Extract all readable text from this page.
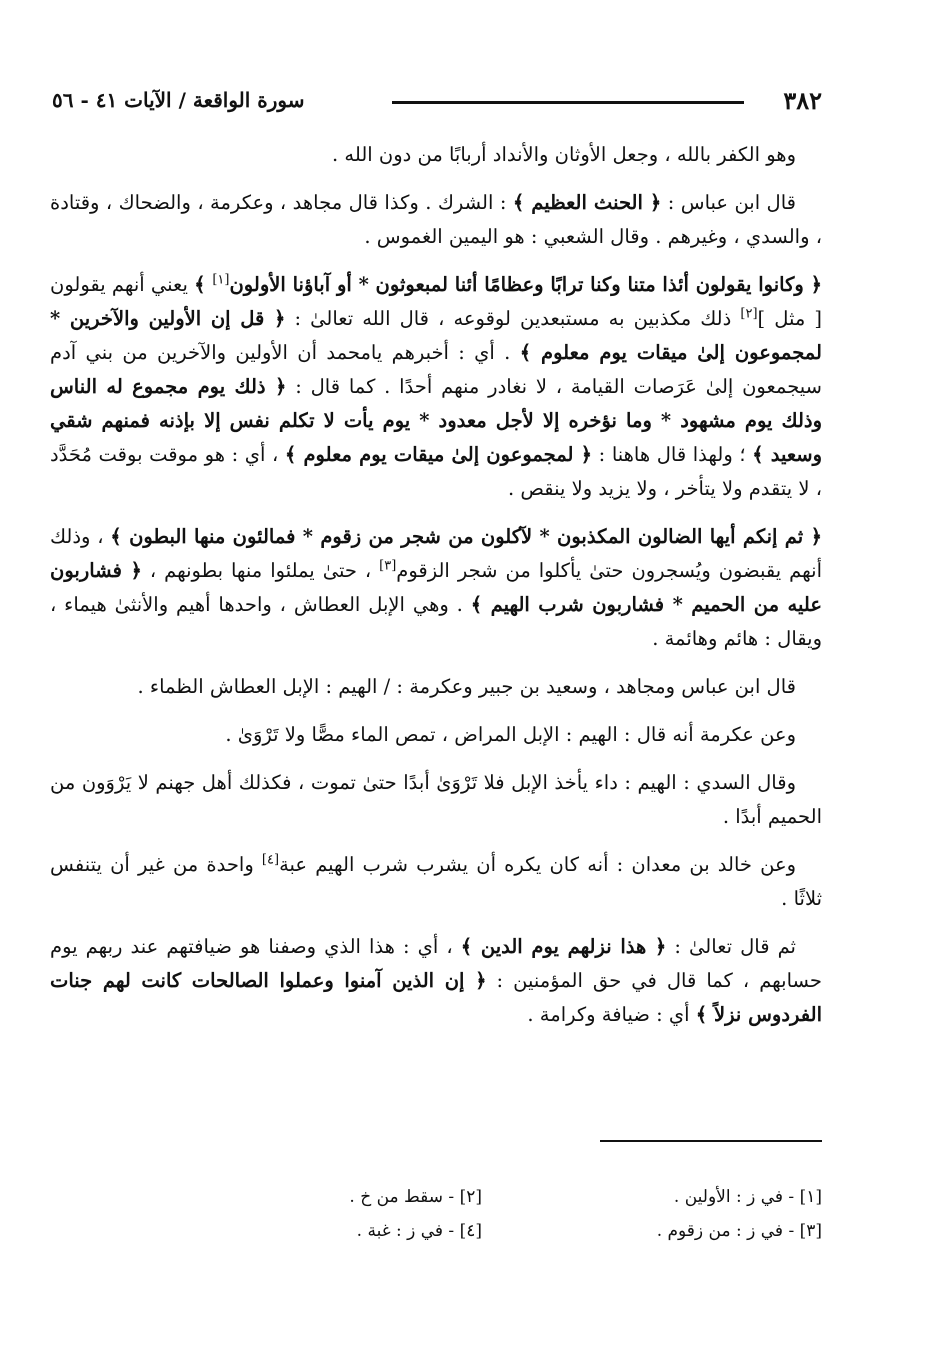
٣٨٢
سورة الواقعة / الآيات ٤١ - ٥٦

وهو الكفر بالله ، وجعل الأوثان والأنداد أربابًا من دون الله .

قال ابن عباس : ﴿ الحنث العظيم ﴾ : الشرك . وكذا قال مجاهد ، وعكرمة ، والضحاك ، وقتادة ، والسدي ، وغيرهم . وقال الشعبي : هو اليمين الغموس .

﴿ وكانوا يقولون أئذا متنا وكنا ترابًا وعظامًا أئنا لمبعوثون * أو آباؤنا الأولون[١] ﴾ يعني أنهم يقولون [ مثل ][٢] ذلك مكذبين به مستبعدين لوقوعه ، قال الله تعالىٰ : ﴿ قل إن الأولين والآخرين * لمجموعون إلىٰ ميقات يوم معلوم ﴾ . أي : أخبرهم يامحمد أن الأولين والآخرين من بني آدم سيجمعون إلىٰ عَرَصات القيامة ، لا نغادر منهم أحدًا . كما قال : ﴿ ذلك يوم مجموع له الناس وذلك يوم مشهود * وما نؤخره إلا لأجل معدود * يوم يأت لا تكلم نفس إلا بإذنه فمنهم شقي وسعيد ﴾ ؛ ولهذا قال هاهنا : ﴿ لمجموعون إلىٰ ميقات يوم معلوم ﴾ ، أي : هو موقت بوقت مُحَدَّد ، لا يتقدم ولا يتأخر ، ولا يزيد ولا ينقص .

﴿ ثم إنكم أيها الضالون المكذبون * لآكلون من شجر من زقوم * فمالئون منها البطون ﴾ ، وذلك أنهم يقبضون ويُسجرون حتىٰ يأكلوا من شجر الزقوم[٣] ، حتىٰ يملئوا منها بطونهم ، ﴿ فشاربون عليه من الحميم * فشاربون شرب الهيم ﴾ . وهي الإبل العطاش ، واحدها أهيم والأنثىٰ هيماء ، ويقال : هائم وهائمة .

قال ابن عباس ومجاهد ، وسعيد بن جبير وعكرمة : / الهيم : الإبل العطاش الظماء .

وعن عكرمة أنه قال : الهيم : الإبل المراض ، تمص الماء مصًّا ولا تَرْوَىٰ .

وقال السدي : الهيم : داء يأخذ الإبل فلا تَرْوَىٰ أبدًا حتىٰ تموت ، فكذلك أهل جهنم لا يَرْوَون من الحميم أبدًا .

وعن خالد بن معدان : أنه كان يكره أن يشرب شرب الهيم عبة[٤] واحدة من غير أن يتنفس ثلاثًا .

ثم قال تعالىٰ : ﴿ هذا نزلهم يوم الدين ﴾ ، أي : هذا الذي وصفنا هو ضيافتهم عند ربهم يوم حسابهم ، كما قال في حق المؤمنين : ﴿ إن الذين آمنوا وعملوا الصالحات كانت لهم جنات الفردوس نزلاً ﴾ أي : ضيافة وكرامة .

[١] - في ز : الأولين .
[٢] - سقط من خ .
[٣] - في ز : من زقوم .
[٤] - في ز : غبة .
